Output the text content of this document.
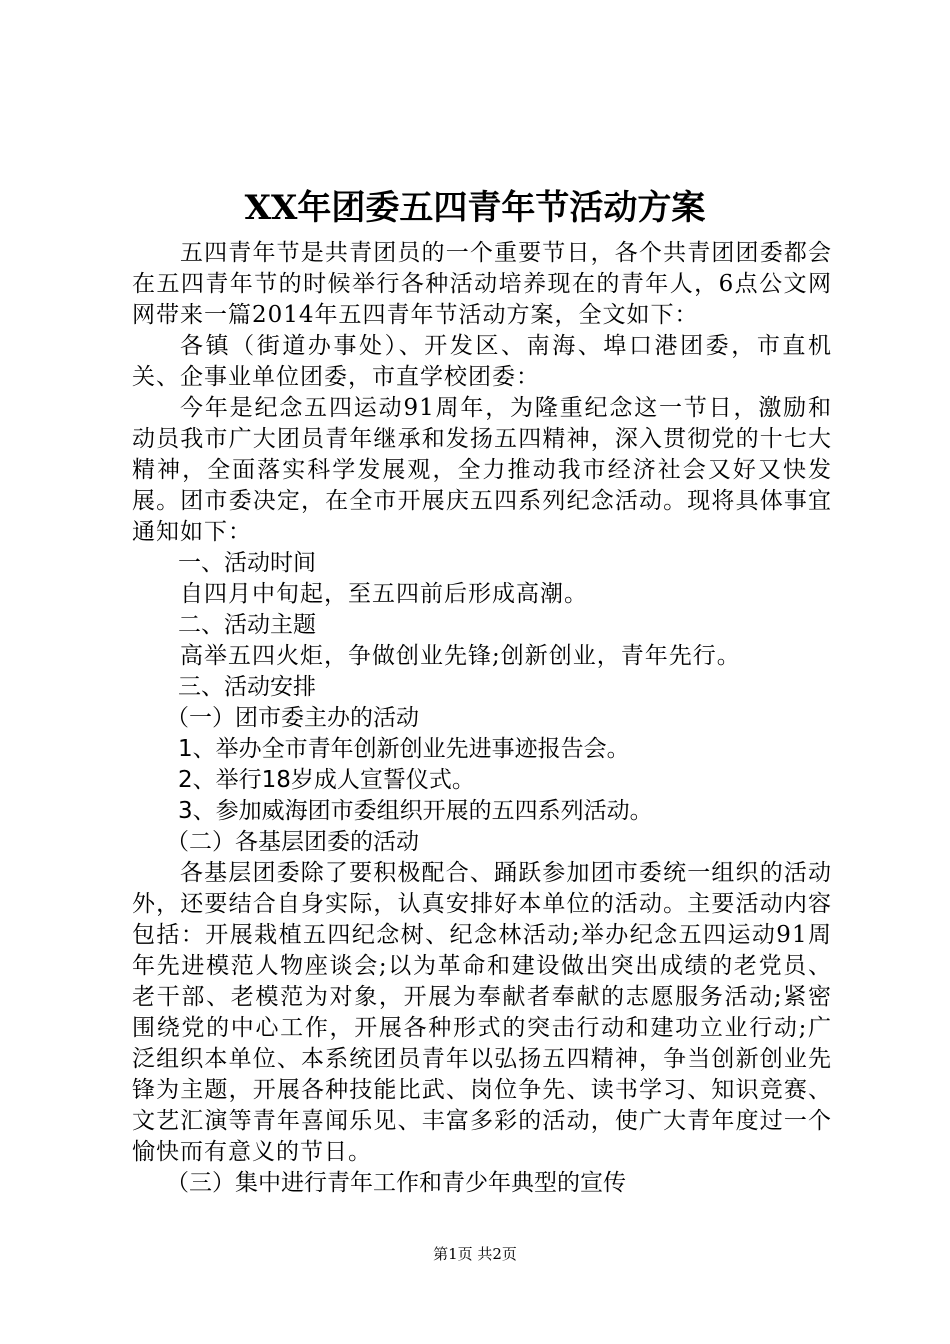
XX年团委五四青年节活动方案

五四青年节是共青团员的一个重要节日，各个共青团团委都会在五四青年节的时候举行各种活动培养现在的青年人，6点公文网网带来一篇2014年五四青年节活动方案，全文如下：

各镇（街道办事处）、开发区、南海、埠口港团委，市直机关、企事业单位团委，市直学校团委：

今年是纪念五四运动91周年，为隆重纪念这一节日，激励和动员我市广大团员青年继承和发扬五四精神，深入贯彻党的十七大精神，全面落实科学发展观，全力推动我市经济社会又好又快发展。团市委决定，在全市开展庆五四系列纪念活动。现将具体事宜通知如下：

一、活动时间

自四月中旬起，至五四前后形成高潮。

二、活动主题

高举五四火炬，争做创业先锋;创新创业，青年先行。

三、活动安排
（一）团市委主办的活动
1、举办全市青年创新创业先进事迹报告会。
2、举行18岁成人宣誓仪式。
3、参加威海团市委组织开展的五四系列活动。
（二）各基层团委的活动

各基层团委除了要积极配合、踊跃参加团市委统一组织的活动外，还要结合自身实际，认真安排好本单位的活动。主要活动内容包括：开展栽植五四纪念树、纪念林活动;举办纪念五四运动91周年先进模范人物座谈会;以为革命和建设做出突出成绩的老党员、老干部、老模范为对象，开展为奉献者奉献的志愿服务活动;紧密围绕党的中心工作，开展各种形式的突击行动和建功立业行动;广泛组织本单位、本系统团员青年以弘扬五四精神，争当创新创业先锋为主题，开展各种技能比武、岗位争先、读书学习、知识竞赛、文艺汇演等青年喜闻乐见、丰富多彩的活动，使广大青年度过一个愉快而有意义的节日。

（三）集中进行青年工作和青少年典型的宣传
第1页 共2页
